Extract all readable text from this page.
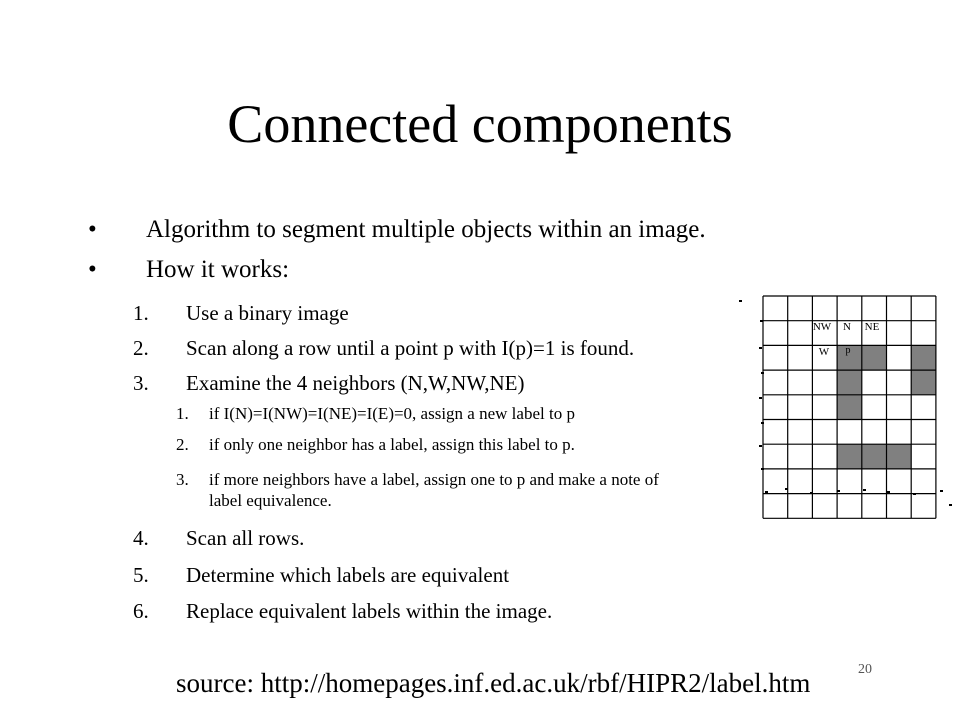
Connected components
• Algorithm to segment multiple objects within an image.
• How it works:
1. Use a binary image
2. Scan along a row until a point p with I(p)=1 is found.
3. Examine the 4 neighbors (N,W,NW,NE)
1. if I(N)=I(NW)=I(NE)=I(E)=0, assign a new label to p
2. if only one neighbor has a label, assign this label to p.
3. if more neighbors have a label, assign one to p and make a note of
label equivalence.
4. Scan all rows.
5. Determine which labels are equivalent
6. Replace equivalent labels within the image.
NW N NE
W p
source: http://homepages.inf.ed.ac.uk/rbf/HIPR2/label.htm	20
